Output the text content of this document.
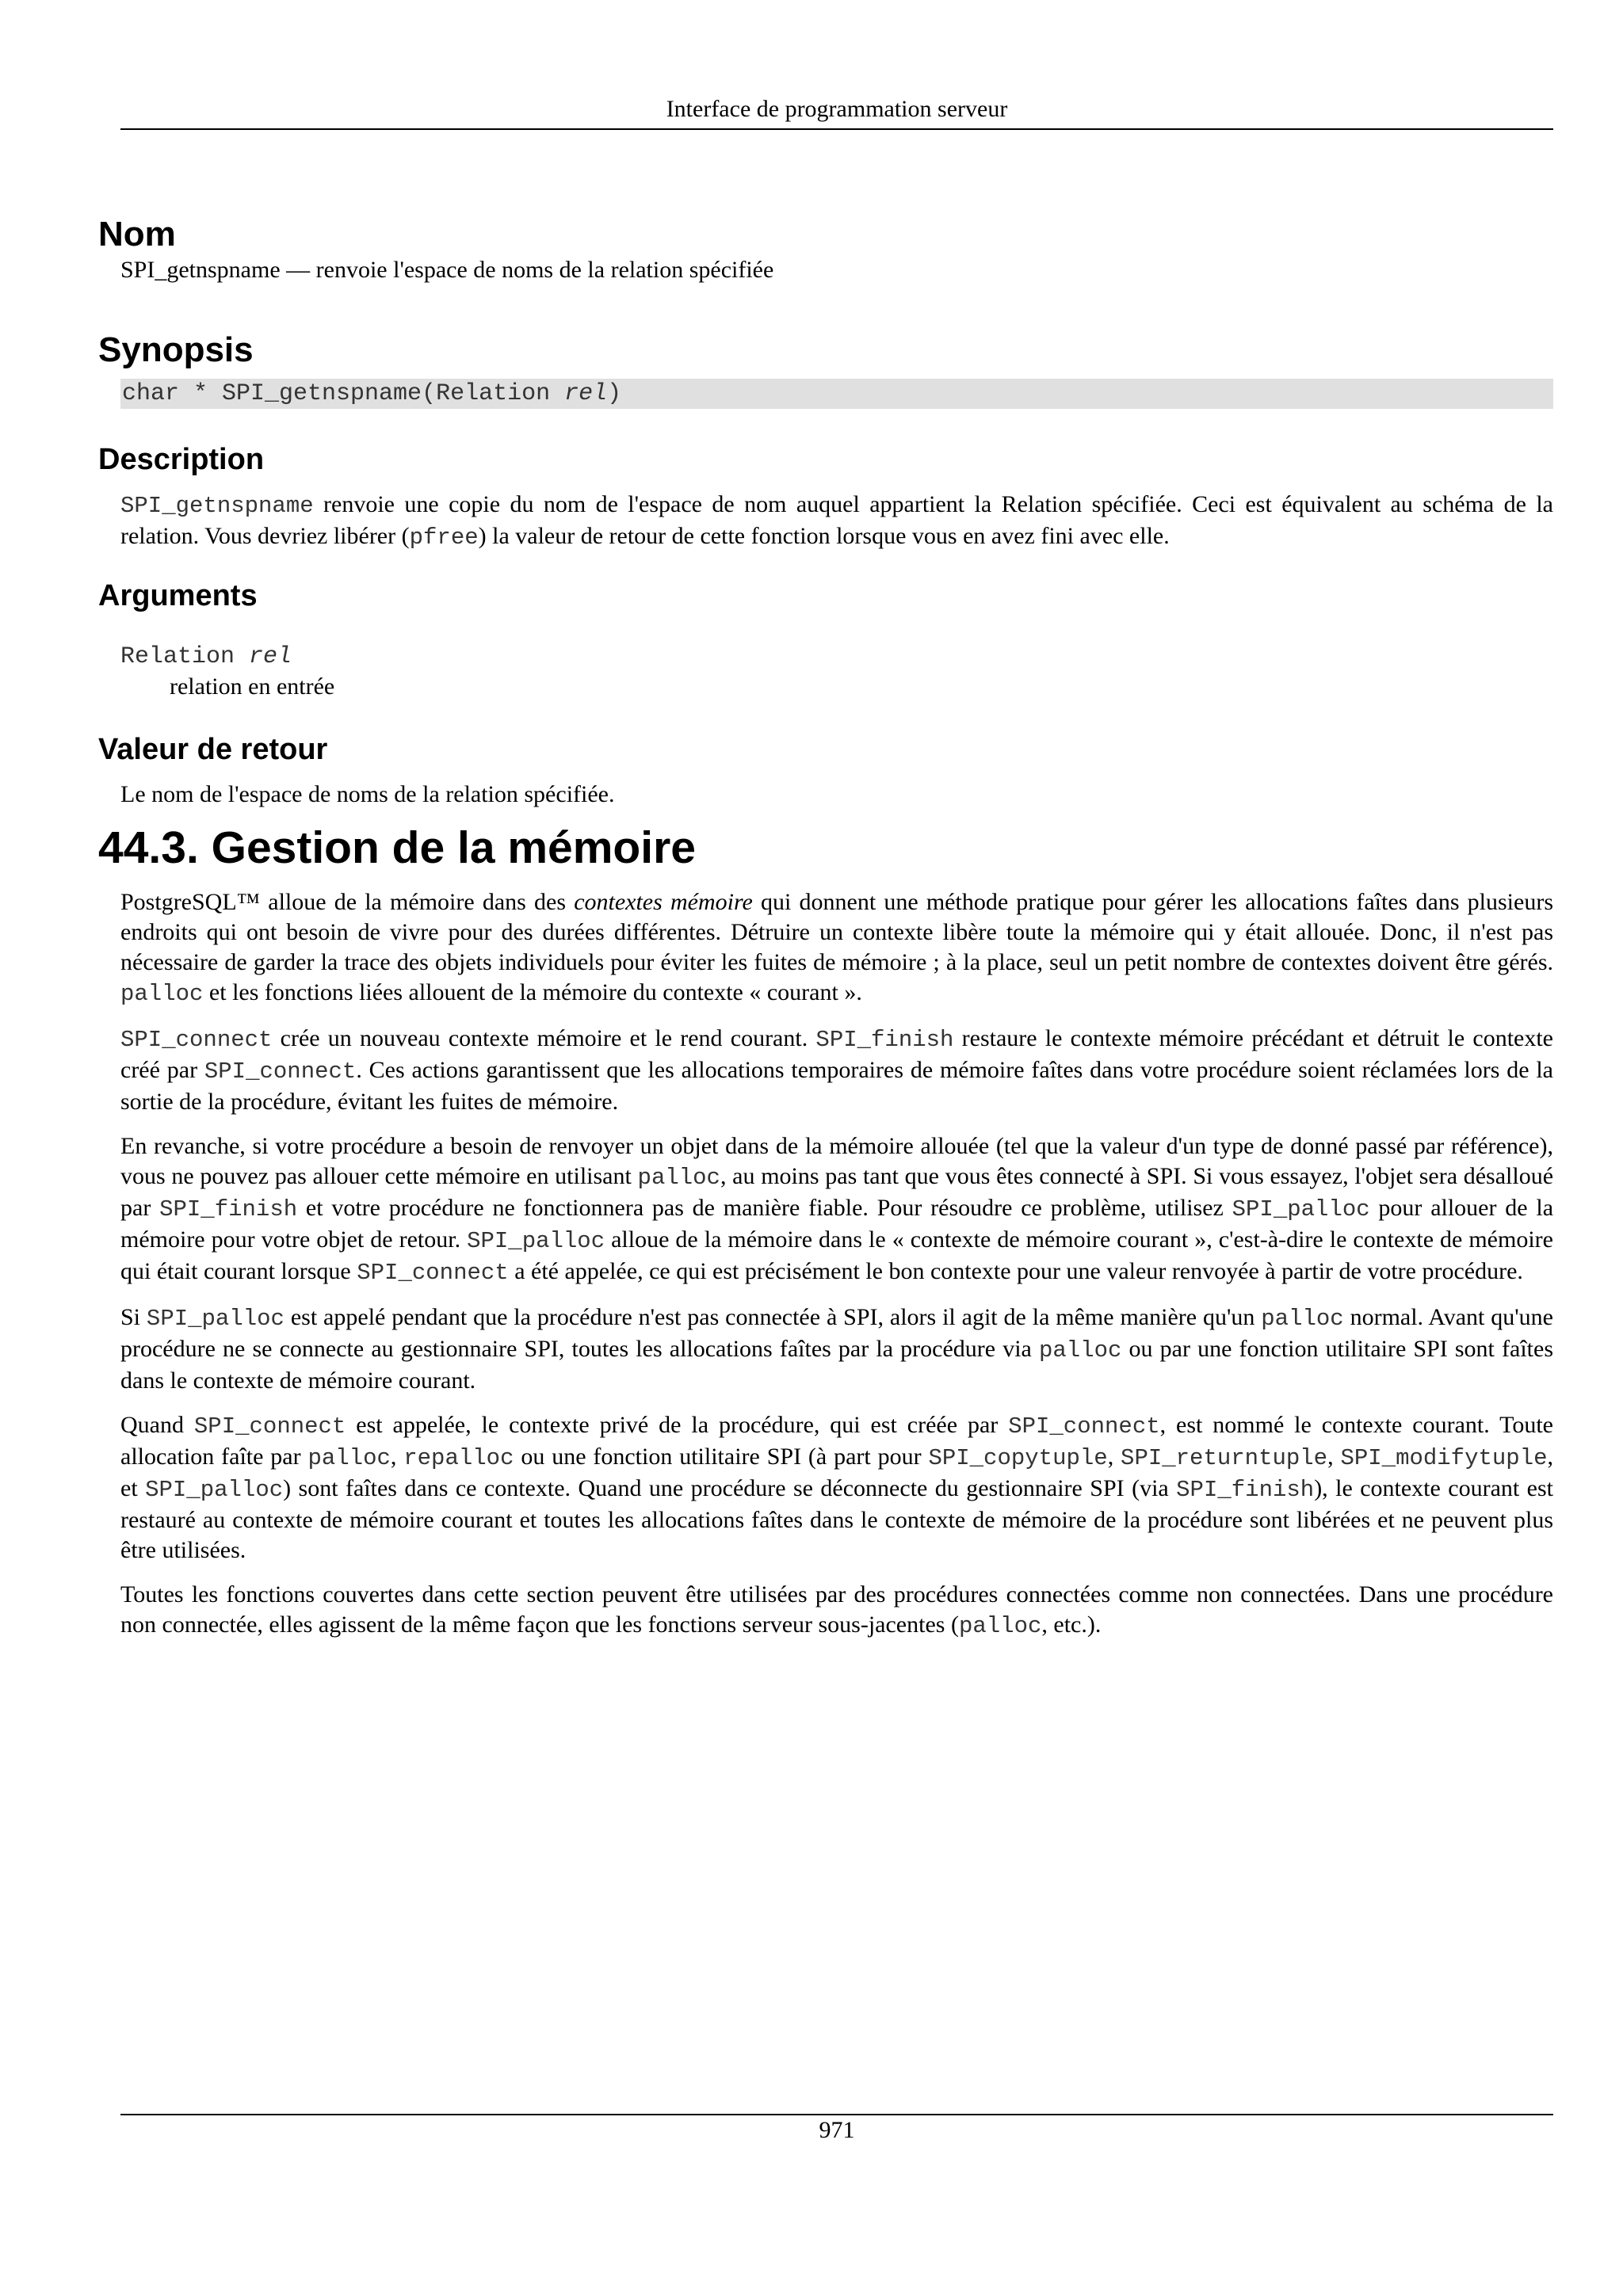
Interface de programmation serveur
Nom

SPI_getnspname — renvoie l'espace de noms de la relation spécifiée

Synopsis
char * SPI_getnspname(Relation rel)
Description

SPI_getnspname renvoie une copie du nom de l'espace de nom auquel appartient la Relation spécifiée. Ceci est équivalent au schéma de la relation. Vous devriez libérer (pfree) la valeur de retour de cette fonction lorsque vous en avez fini avec elle.

Arguments
Relation rel
relation en entrée
Valeur de retour

Le nom de l'espace de noms de la relation spécifiée.

44.3. Gestion de la mémoire

PostgreSQL™ alloue de la mémoire dans des contextes mémoire qui donnent une méthode pratique pour gérer les allocations faîtes dans plusieurs endroits qui ont besoin de vivre pour des durées différentes. Détruire un contexte libère toute la mémoire qui y était allouée. Donc, il n'est pas nécessaire de garder la trace des objets individuels pour éviter les fuites de mémoire ; à la place, seul un petit nombre de contextes doivent être gérés. palloc et les fonctions liées allouent de la mémoire du contexte « courant ».

SPI_connect crée un nouveau contexte mémoire et le rend courant. SPI_finish restaure le contexte mémoire précédant et détruit le contexte créé par SPI_connect. Ces actions garantissent que les allocations temporaires de mémoire faîtes dans votre procédure soient réclamées lors de la sortie de la procédure, évitant les fuites de mémoire.

En revanche, si votre procédure a besoin de renvoyer un objet dans de la mémoire allouée (tel que la valeur d'un type de donné passé par référence), vous ne pouvez pas allouer cette mémoire en utilisant palloc, au moins pas tant que vous êtes connecté à SPI. Si vous essayez, l'objet sera désalloué par SPI_finish et votre procédure ne fonctionnera pas de manière fiable. Pour résoudre ce problème, utilisez SPI_palloc pour allouer de la mémoire pour votre objet de retour. SPI_palloc alloue de la mémoire dans le « contexte de mémoire courant », c'est-à-dire le contexte de mémoire qui était courant lorsque SPI_connect a été appelée, ce qui est précisément le bon contexte pour une valeur renvoyée à partir de votre procédure.

Si SPI_palloc est appelé pendant que la procédure n'est pas connectée à SPI, alors il agit de la même manière qu'un palloc normal. Avant qu'une procédure ne se connecte au gestionnaire SPI, toutes les allocations faîtes par la procédure via palloc ou par une fonction utilitaire SPI sont faîtes dans le contexte de mémoire courant.

Quand SPI_connect est appelée, le contexte privé de la procédure, qui est créée par SPI_connect, est nommé le contexte courant. Toute allocation faîte par palloc, repalloc ou une fonction utilitaire SPI (à part pour SPI_copytuple, SPI_returntuple, SPI_modifytuple, et SPI_palloc) sont faîtes dans ce contexte. Quand une procédure se déconnecte du gestionnaire SPI (via SPI_finish), le contexte courant est restauré au contexte de mémoire courant et toutes les allocations faîtes dans le contexte de mémoire de la procédure sont libérées et ne peuvent plus être utilisées.

Toutes les fonctions couvertes dans cette section peuvent être utilisées par des procédures connectées comme non connectées. Dans une procédure non connectée, elles agissent de la même façon que les fonctions serveur sous-jacentes (palloc, etc.).

971
